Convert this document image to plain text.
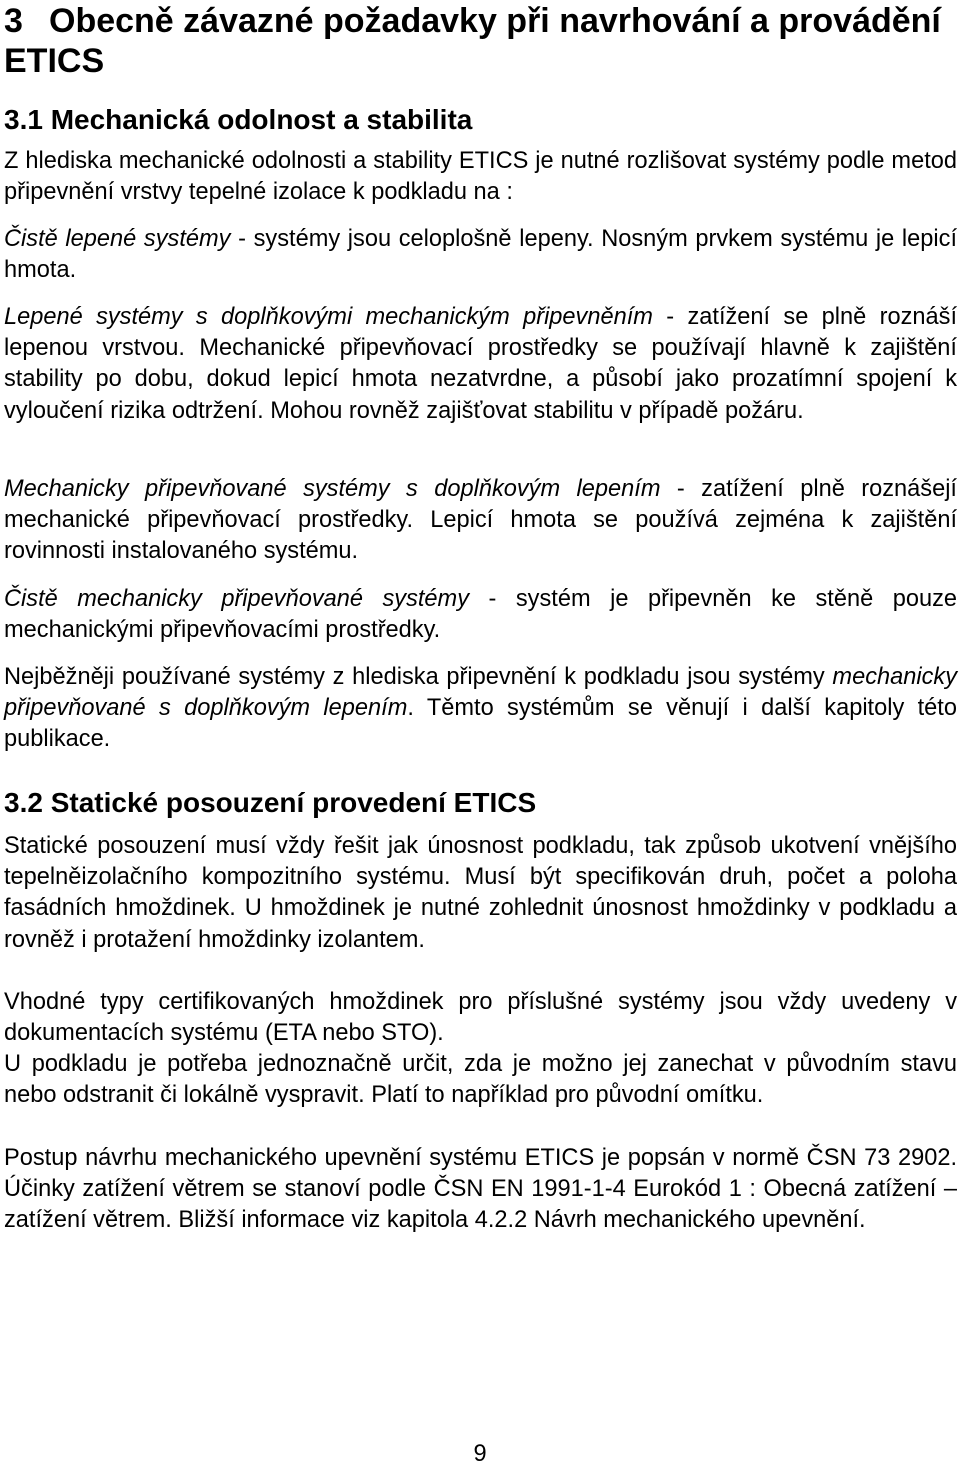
3 Obecně závazné požadavky při navrhování a provádění ETICS
3.1 Mechanická odolnost a stabilita

Z hlediska mechanické odolnosti a stability ETICS je nutné rozlišovat systémy podle metod připevnění vrstvy tepelné izolace k podkladu na :

Čistě lepené systémy - systémy jsou celoplošně lepeny. Nosným prvkem systému je lepicí hmota.

Lepené systémy s doplňkovými mechanickým připevněním - zatížení se plně roznáší lepenou vrstvou. Mechanické připevňovací prostředky se používají hlavně k zajištění stability po dobu, dokud lepicí hmota nezatvrdne, a působí jako prozatímní spojení k vyloučení rizika odtržení. Mohou rovněž zajišťovat stabilitu v případě požáru.

Mechanicky připevňované systémy s doplňkovým lepením - zatížení plně roznášejí mechanické připevňovací prostředky. Lepicí hmota se používá zejména k zajištění rovinnosti instalovaného systému.

Čistě mechanicky připevňované systémy - systém je připevněn ke stěně pouze mechanickými připevňovacími prostředky.

Nejběžněji používané systémy z hlediska připevnění k podkladu jsou systémy mechanicky připevňované s doplňkovým lepením. Těmto systémům se věnují i další kapitoly této publikace.

3.2 Statické posouzení provedení ETICS

Statické posouzení musí vždy řešit jak únosnost podkladu, tak způsob ukotvení vnějšího tepelněizolačního kompozitního systému. Musí být specifikován druh, počet a poloha fasádních hmoždinek. U hmoždinek je nutné zohlednit únosnost hmoždinky v podkladu a rovněž i protažení hmoždinky izolantem.

Vhodné typy certifikovaných hmoždinek pro příslušné systémy jsou vždy uvedeny v dokumentacích systému (ETA nebo STO).

U podkladu je potřeba jednoznačně určit, zda je možno jej zanechat v původním stavu nebo odstranit či lokálně vyspravit. Platí to například pro původní omítku.

Postup návrhu mechanického upevnění systému ETICS je popsán v normě ČSN 73 2902. Účinky zatížení větrem se stanoví podle ČSN EN 1991-1-4 Eurokód 1 : Obecná zatížení – zatížení větrem. Bližší informace viz kapitola 4.2.2 Návrh mechanického upevnění.

9
